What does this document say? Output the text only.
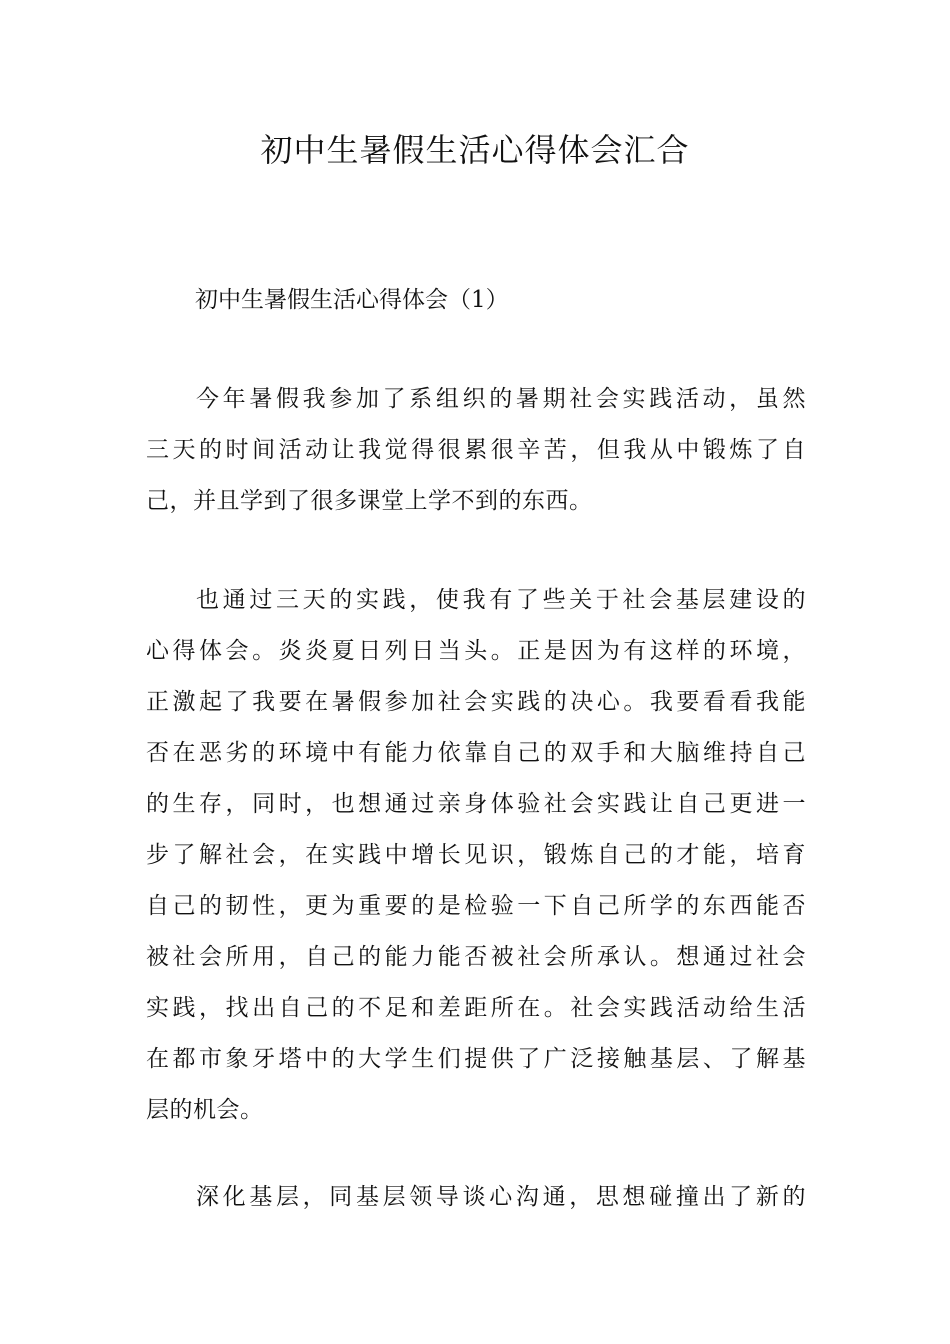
初中生暑假生活心得体会汇合
初中生暑假生活心得体会（1）
今年暑假我参加了系组织的暑期社会实践活动，虽然
三天的时间活动让我觉得很累很辛苦，但我从中锻炼了自
己，并且学到了很多课堂上学不到的东西。
也通过三天的实践，使我有了些关于社会基层建设的
心得体会。炎炎夏日列日当头。正是因为有这样的环境，
正激起了我要在暑假参加社会实践的决心。我要看看我能
否在恶劣的环境中有能力依靠自己的双手和大脑维持自己
的生存，同时，也想通过亲身体验社会实践让自己更进一
步了解社会，在实践中增长见识，锻炼自己的才能，培育
自己的韧性，更为重要的是检验一下自己所学的东西能否
被社会所用，自己的能力能否被社会所承认。想通过社会
实践，找出自己的不足和差距所在。社会实践活动给生活
在都市象牙塔中的大学生们提供了广泛接触基层、了解基
层的机会。
深化基层，同基层领导谈心沟通，思想碰撞出了新的
